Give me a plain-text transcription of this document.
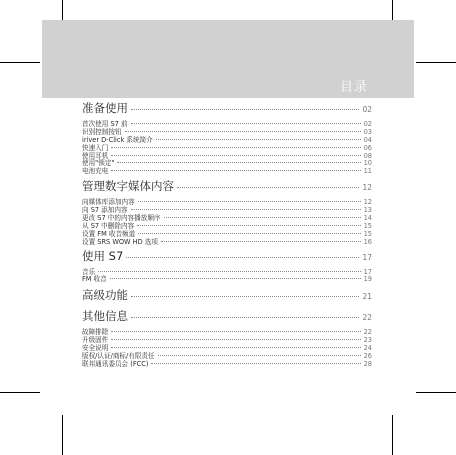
目录
准备使用	02
首次使用 S7 前	02
识别控制按钮	03
iriver D-Click 系统简介	04
快速入门	06
使用耳机	08
使用"锁定"	10
电池充电	11
管理数字媒体内容	12
向媒体库添加内容	12
向 S7 添加内容	13
更改 S7 中的内容播放顺序	14
从 S7 中删除内容	15
设置 FM 收音频道	15
设置 SRS WOW HD 选项	16
使用 S7	17
音乐	17
FM 收音	19
高级功能	21
其他信息	22
故障排除	22
升级固件	23
安全说明	24
版权/认证/商标/有限责任	26
联邦通讯委员会 (FCC)	28
